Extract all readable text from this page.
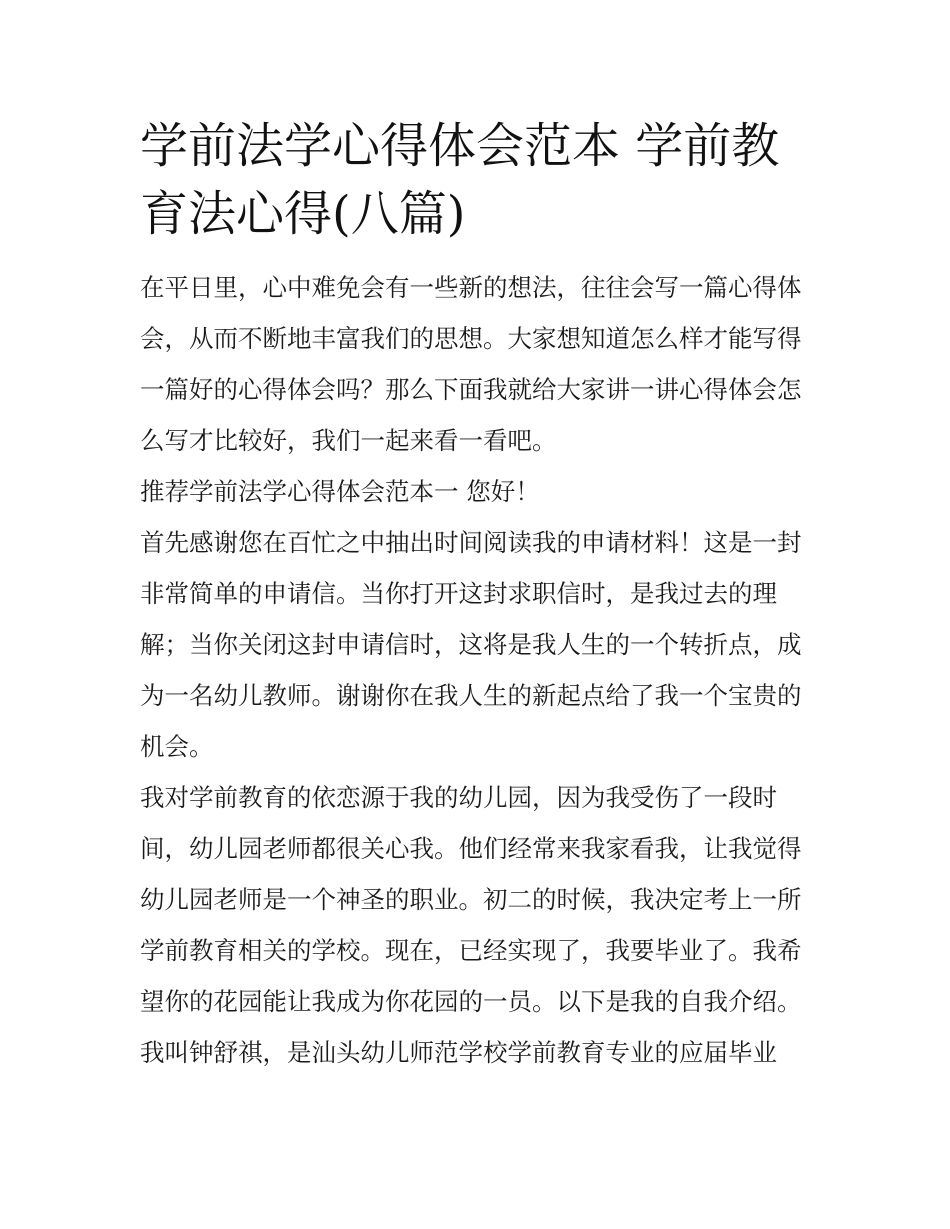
学前法学心得体会范本 学前教
育法心得(八篇)
在平日里，心中难免会有一些新的想法，往往会写一篇心得体
会，从而不断地丰富我们的思想。大家想知道怎么样才能写得
一篇好的心得体会吗？那么下面我就给大家讲一讲心得体会怎
么写才比较好，我们一起来看一看吧。
推荐学前法学心得体会范本一 您好！
首先感谢您在百忙之中抽出时间阅读我的申请材料！这是一封
非常简单的申请信。当你打开这封求职信时，是我过去的理
解；当你关闭这封申请信时，这将是我人生的一个转折点，成
为一名幼儿教师。谢谢你在我人生的新起点给了我一个宝贵的
机会。
我对学前教育的依恋源于我的幼儿园，因为我受伤了一段时
间，幼儿园老师都很关心我。他们经常来我家看我，让我觉得
幼儿园老师是一个神圣的职业。初二的时候，我决定考上一所
学前教育相关的学校。现在，已经实现了，我要毕业了。我希
望你的花园能让我成为你花园的一员。以下是我的自我介绍。
我叫钟舒祺，是汕头幼儿师范学校学前教育专业的应届毕业
